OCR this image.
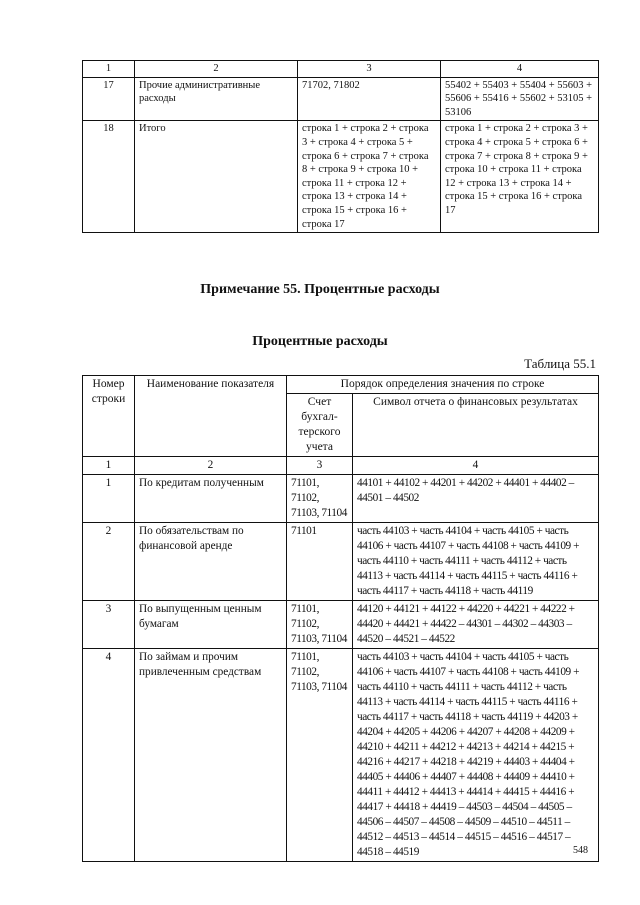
1	2	3	4
17	Прочие административные расходы	71702, 71802	55402 + 55403 + 55404 + 55603 + 55606 + 55416 + 55602 + 53105 + 53106
18	Итого	строка 1 + строка 2 + строка 3 + строка 4 + строка 5 + строка 6 + строка 7 + строка 8 + строка 9 + строка 10 + строка 11 + строка 12 + строка 13 + строка 14 + строка 15 + строка 16 + строка 17	строка 1 + строка 2 + строка 3 + строка 4 + строка 5 + строка 6 + строка 7 + строка 8 + строка 9 + строка 10 + строка 11 + строка 12 + строка 13 + строка 14 + строка 15 + строка 16 + строка 17
Примечание 55. Процентные расходы
Процентные расходы
Таблица 55.1
Номер строки	Наименование показателя	Порядок определения значения по строке	
		Счет бухгал-терского учета	Символ отчета о финансовых результатах
1	2	3	4
1	По кредитам полученным	71101, 71102, 71103, 71104	44101 + 44102 + 44201 + 44202 + 44401 + 44402 – 44501 – 44502
2	По обязательствам по финансовой аренде	71101	часть 44103 + часть 44104 + часть 44105 + часть 44106 + часть 44107 + часть 44108 + часть 44109 + часть 44110 + часть 44111 + часть 44112 + часть 44113 + часть 44114 + часть 44115 + часть 44116 + часть 44117 + часть 44118 + часть 44119
3	По выпущенным ценным бумагам	71101, 71102, 71103, 71104	44120 + 44121 + 44122 + 44220 + 44221 + 44222 + 44420 + 44421 + 44422 – 44301 – 44302 – 44303 – 44520 – 44521 – 44522
4	По займам и прочим привлеченным средствам	71101, 71102, 71103, 71104	часть 44103 + часть 44104 + часть 44105 + часть 44106 + часть 44107 + часть 44108 + часть 44109 + часть 44110 + часть 44111 + часть 44112 + часть 44113 + часть 44114 + часть 44115 + часть 44116 + часть 44117 + часть 44118 + часть 44119 + 44203 + 44204 + 44205 + 44206 + 44207 + 44208 + 44209 + 44210 + 44211 + 44212 + 44213 + 44214 + 44215 + 44216 + 44217 + 44218 + 44219 + 44403 + 44404 + 44405 + 44406 + 44407 + 44408 + 44409 + 44410 + 44411 + 44412 + 44413 + 44414 + 44415 + 44416 + 44417 + 44418 + 44419 – 44503 – 44504 – 44505 – 44506 – 44507 – 44508 – 44509 – 44510 – 44511 – 44512 – 44513 – 44514 – 44515 – 44516 – 44517 – 44518 – 44519	548
